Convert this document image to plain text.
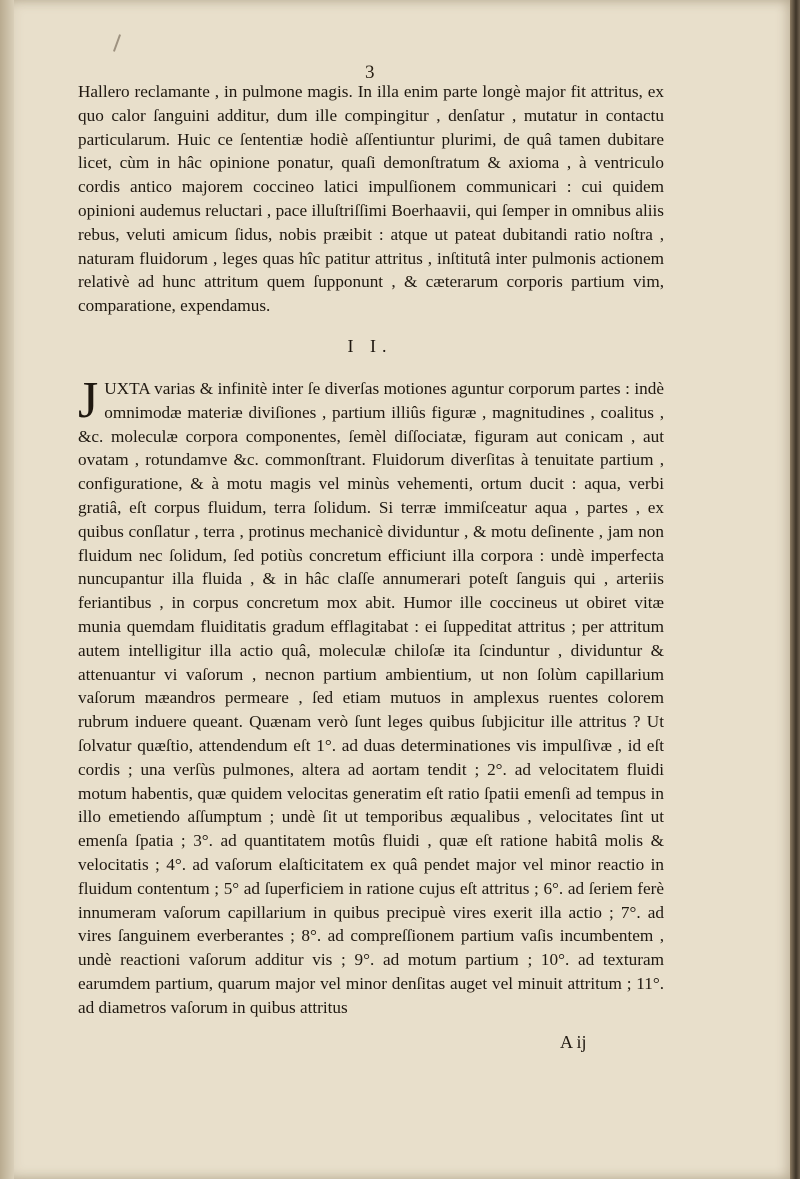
3

Hallero reclamante , in pulmone magis. In illa enim parte longè major fit attritus, ex quo calor ſanguini additur, dum ille compingitur , denſatur , mutatur in contactu particularum. Huic ce ſententiæ hodiè aſſentiuntur plurimi, de quâ tamen dubitare licet, cùm in hâc opinione ponatur, quaſi demonſtratum & axioma , à ventriculo cordis antico majorem coccineo latici impulſionem communicari : cui quidem opinioni audemus reluctari , pace illuſtriſſimi Boerhaavii, qui ſemper in omnibus aliis rebus, veluti amicum ſidus, nobis præibit : atque ut pateat dubitandi ratio noſtra , naturam fluidorum , leges quas hîc patitur attritus , inſtitutâ inter pulmonis actionem relativè ad hunc attritum quem ſupponunt , & cæterarum corporis partium vim, comparatione, expendamus.

I I.

JUXTA varias & infinitè inter ſe diverſas motiones aguntur corporum partes : indè omnimodæ materiæ diviſiones , partium illiûs figuræ , magnitudines , coalitus , &c. moleculæ corpora componentes, ſemèl diſſociatæ, figuram aut conicam , aut ovatam , rotundamve &c. commonſtrant. Fluidorum diverſitas à tenuitate partium , configuratione, & à motu magis vel minùs vehementi, ortum ducit : aqua, verbi gratiâ, eſt corpus fluidum, terra ſolidum. Si terræ immiſceatur aqua , partes , ex quibus conſlatur , terra , protinus mechanicè dividuntur , & motu deſinente , jam non fluidum nec ſolidum, ſed potiùs concretum efficiunt illa corpora : undè imperfecta nuncupantur illa fluida , & in hâc claſſe annumerari poteſt ſanguis qui , arteriis feriantibus , in corpus concretum mox abit. Humor ille coccineus ut obiret vitæ munia quemdam fluiditatis gradum efflagitabat : ei ſuppeditat attritus ; per attritum autem intelligitur illa actio quâ, moleculæ chiloſæ ita ſcinduntur , dividuntur & attenuantur vi vaſorum , necnon partium ambientium, ut non ſolùm capillarium vaſorum mæandros permeare , ſed etiam mutuos in amplexus ruentes colorem rubrum induere queant. Quænam verò ſunt leges quibus ſubjicitur ille attritus ? Ut ſolvatur quæſtio, attendendum eſt 1°. ad duas determinationes vis impulſivæ , id eſt cordis ; una verſùs pulmones, altera ad aortam tendit ; 2°. ad velocitatem fluidi motum habentis, quæ quidem velocitas generatim eſt ratio ſpatii emenſi ad tempus in illo emetiendo aſſumptum ; undè ſit ut temporibus æqualibus , velocitates ſint ut emenſa ſpatia ; 3°. ad quantitatem motûs fluidi , quæ eſt ratione habitâ molis & velocitatis ; 4°. ad vaſorum elaſticitatem ex quâ pendet major vel minor reactio in fluidum contentum ; 5° ad ſuperficiem in ratione cujus eſt attritus ; 6°. ad ſeriem ferè innumeram vaſorum capillarium in quibus precipuè vires exerit illa actio ; 7°. ad vires ſanguinem everberantes ; 8°. ad compreſſionem partium vaſis incumbentem , undè reactioni vaſorum additur vis ; 9°. ad motum partium ; 10°. ad texturam earumdem partium, quarum major vel minor denſitas auget vel minuit attritum ; 11°. ad diametros vaſorum in quibus attritus

A ij
